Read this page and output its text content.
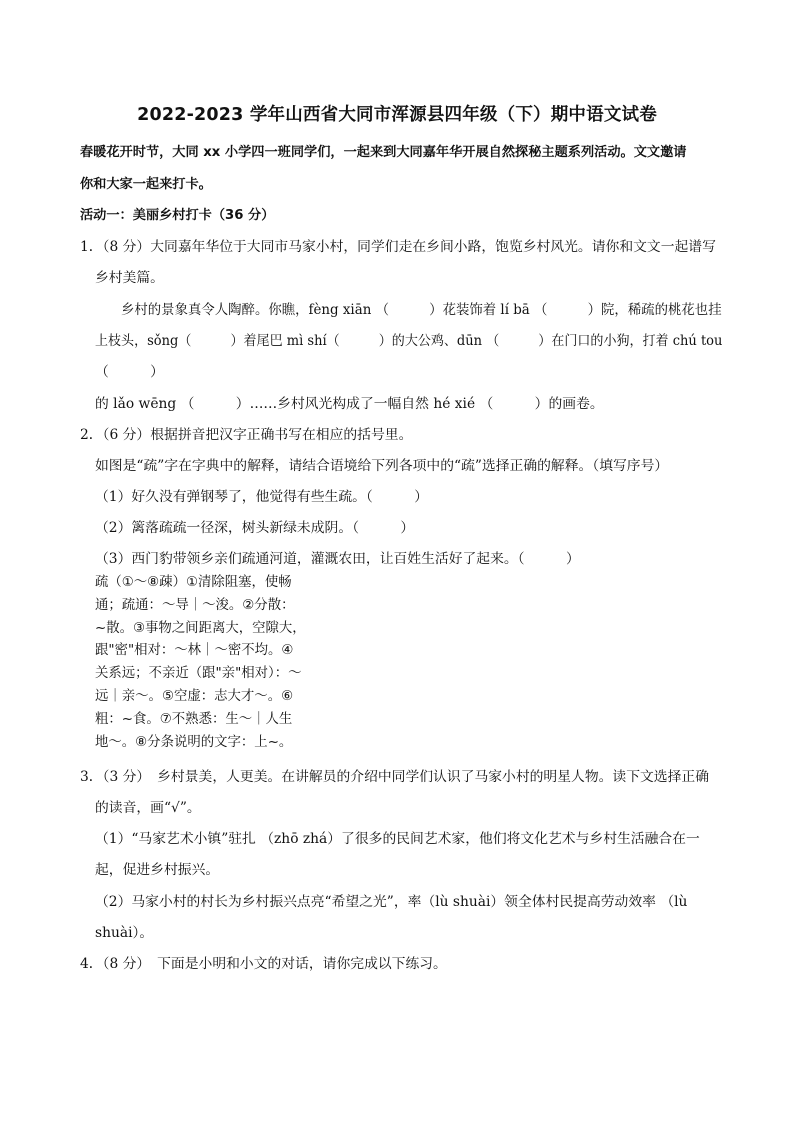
2022-2023 学年山西省大同市浑源县四年级（下）期中语文试卷
春暖花开时节，大同 xx 小学四一班同学们，一起来到大同嘉年华开展自然探秘主题系列活动。文文邀请
你和大家一起来打卡。
活动一：美丽乡村打卡（36 分）
1．（8 分）大同嘉年华位于大同市马家小村，同学们走在乡间小路，饱览乡村风光。请你和文文一起谱写
乡村美篇。
乡村的景象真令人陶醉。你瞧，fèng xiān （　　　）花装饰着 lí bā （　　　）院，稀疏的桃花也挂
上枝头，sǒng（　　　）着尾巴 mì shí（　　　）的大公鸡、dūn （　　　）在门口的小狗，打着 chú tou
（　　　）
的 lǎo wēng （　　　）……乡村风光构成了一幅自然 hé xié （　　　）的画卷。
2．（6 分）根据拼音把汉字正确书写在相应的括号里。
如图是“疏”字在字典中的解释，请结合语境给下列各项中的“疏”选择正确的解释。（填写序号）
（1）好久没有弹钢琴了，他觉得有些生疏。（　　　）
（2）篱落疏疏一径深，树头新绿未成阴。（　　　）
（3）西门豹带领乡亲们疏通河道，灌溉农田，让百姓生活好了起来。（　　　）
疏（①～⑧疎）①清除阻塞，使畅
通；疏通：～导｜～浚。②分散：
~散。③事物之间距离大，空隙大，
跟"密"相对：～林｜～密不均。④
关系远；不亲近（跟"亲"相对）：～
远｜亲～。⑤空虚：志大才～。⑥
粗：~食。⑦不熟悉：生～｜人生
地～。⑧分条说明的文字：上~。
3．（3 分）　乡村景美，人更美。在讲解员的介绍中同学们认识了马家小村的明星人物。读下文选择正确
的读音，画“√”。
（1）“马家艺术小镇”驻扎 （zhō zhá）了很多的民间艺术家，他们将文化艺术与乡村生活融合在一
起，促进乡村振兴。
（2）马家小村的村长为乡村振兴点亮“希望之光”，率（lù shuài）领全体村民提高劳动效率 （lù
shuài）。
4．（8 分）　下面是小明和小文的对话，请你完成以下练习。
